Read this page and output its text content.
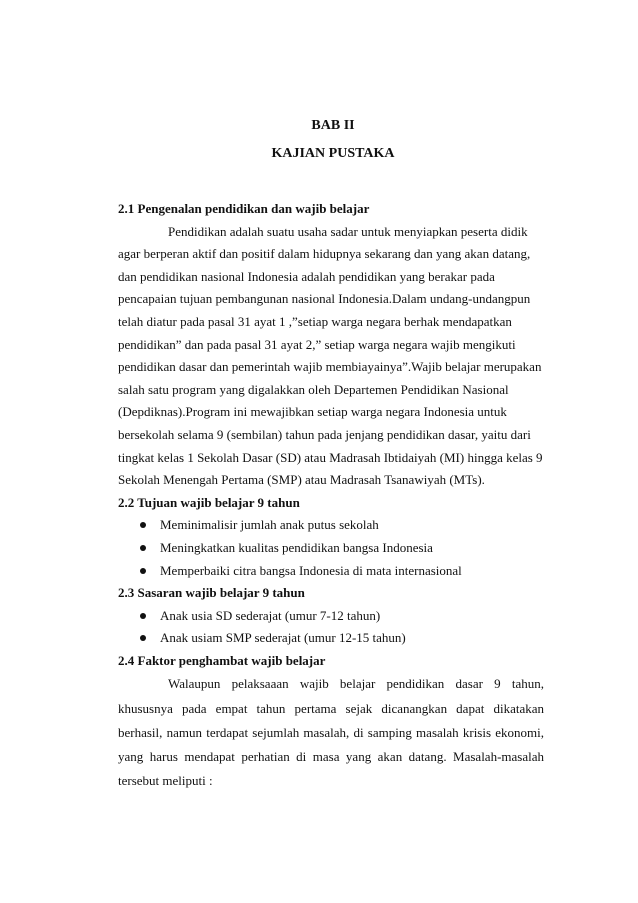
BAB II
KAJIAN PUSTAKA

2.1 Pengenalan pendidikan dan wajib belajar

Pendidikan adalah suatu usaha sadar untuk menyiapkan peserta didik agar berperan aktif dan positif dalam hidupnya sekarang dan yang akan datang, dan pendidikan nasional Indonesia adalah pendidikan yang berakar pada pencapaian tujuan pembangunan nasional Indonesia.Dalam undang-undangpun telah diatur pada pasal 31 ayat 1 ,”setiap warga negara berhak mendapatkan pendidikan” dan pada pasal 31 ayat 2,” setiap warga negara wajib mengikuti pendidikan dasar dan pemerintah wajib membiayainya”.Wajib belajar merupakan salah satu program yang digalakkan oleh Departemen Pendidikan Nasional (Depdiknas).Program ini mewajibkan setiap warga negara Indonesia untuk bersekolah selama 9 (sembilan) tahun pada jenjang pendidikan dasar, yaitu dari tingkat kelas 1 Sekolah Dasar (SD) atau Madrasah Ibtidaiyah (MI) hingga kelas 9 Sekolah Menengah Pertama (SMP) atau Madrasah Tsanawiyah (MTs).

2.2 Tujuan wajib belajar 9 tahun

Meminimalisir jumlah anak putus sekolah
Meningkatkan kualitas pendidikan bangsa Indonesia
Memperbaiki citra bangsa Indonesia di mata internasional

2.3 Sasaran wajib belajar 9 tahun

Anak usia SD sederajat (umur 7-12 tahun)
Anak usiam SMP sederajat (umur 12-15 tahun)

2.4 Faktor penghambat wajib belajar

Walaupun pelaksaaan wajib belajar pendidikan dasar 9 tahun, khususnya pada empat tahun pertama sejak dicanangkan dapat dikatakan berhasil, namun terdapat sejumlah masalah, di samping masalah krisis ekonomi, yang harus mendapat perhatian di masa yang akan datang. Masalah-masalah tersebut meliputi :
